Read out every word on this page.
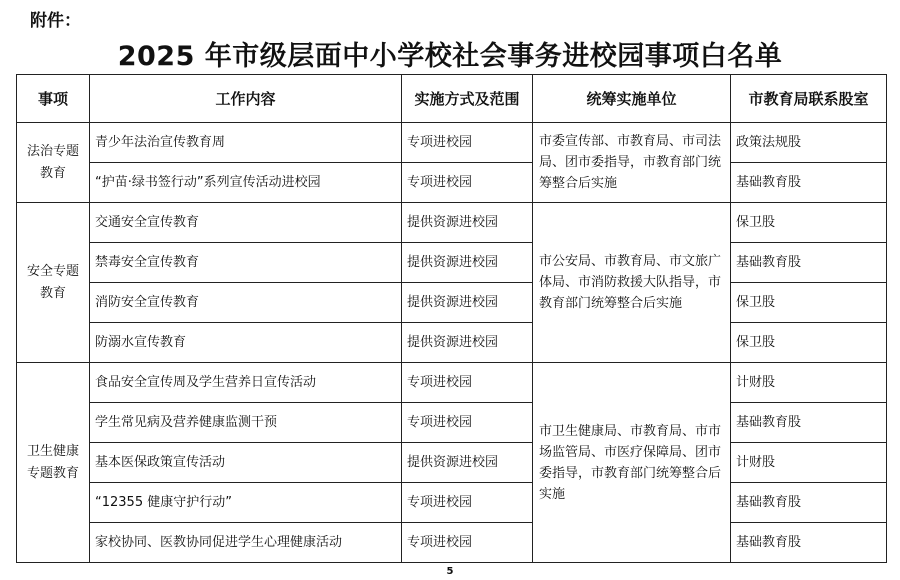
附件：
2025 年市级层面中小学校社会事务进校园事项白名单
事项	工作内容	实施方式及范围	统筹实施单位	市教育局联系股室
法治专题教育	青少年法治宣传教育周	专项进校园	市委宣传部、市教育局、市司法局、团市委指导，市教育部门统筹整合后实施	政策法规股
	“护苗·绿书签行动”系列宣传活动进校园	专项进校园		基础教育股
安全专题教育	交通安全宣传教育	提供资源进校园	市公安局、市教育局、市文旅广体局、市消防救援大队指导，市教育部门统筹整合后实施	保卫股
	禁毒安全宣传教育	提供资源进校园		基础教育股
	消防安全宣传教育	提供资源进校园		保卫股
	防溺水宣传教育	提供资源进校园		保卫股
卫生健康专题教育	食品安全宣传周及学生营养日宣传活动	专项进校园	市卫生健康局、市教育局、市市场监管局、市医疗保障局、团市委指导，市教育部门统筹整合后实施	计财股
	学生常见病及营养健康监测干预	专项进校园		基础教育股
	基本医保政策宣传活动	提供资源进校园		计财股
	“12355 健康守护行动”	专项进校园		基础教育股
	家校协同、医教协同促进学生心理健康活动	专项进校园		基础教育股
5
